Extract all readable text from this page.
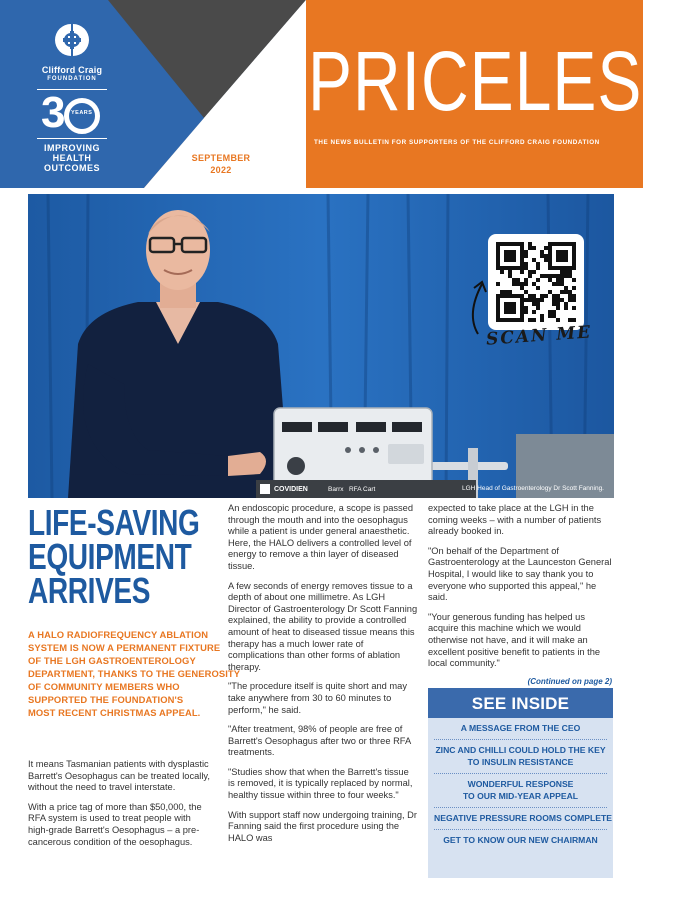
Clifford Craig
FOUNDATION
3 YEARS
IMPROVING
HEALTH
OUTCOMES
SEPTEMBER
2022
PRICELESS
THE NEWS BULLETIN FOR SUPPORTERS OF THE CLIFFORD CRAIG FOUNDATION
COVIDIEN	Barrx   RFA Cart
SCAN ME
LGH Head of Gastroenterology Dr Scott Fanning.
LIFE-SAVING
EQUIPMENT
ARRIVES
A HALO RADIOFREQUENCY ABLATION
SYSTEM IS NOW A PERMANENT FIXTURE
OF THE LGH GASTROENTEROLOGY
DEPARTMENT, THANKS TO THE GENEROSITY
OF COMMUNITY MEMBERS WHO
SUPPORTED THE FOUNDATION'S
MOST RECENT CHRISTMAS APPEAL.

It means Tasmanian patients with dysplastic Barrett's Oesophagus can be treated locally, without the need to travel interstate.

With a price tag of more than $50,000, the RFA system is used to treat people with high-grade Barrett's Oesophagus – a pre-cancerous condition of the oesophagus.

An endoscopic procedure, a scope is passed through the mouth and into the oesophagus while a patient is under general anaesthetic. Here, the HALO delivers a controlled level of energy to remove a thin layer of diseased tissue.

A few seconds of energy removes tissue to a depth of about one millimetre. As LGH Director of Gastroenterology Dr Scott Fanning explained, the ability to provide a controlled amount of heat to diseased tissue means this therapy has a much lower rate of complications than other forms of ablation therapy.

"The procedure itself is quite short and may take anywhere from 30 to 60 minutes to perform," he said.

"After treatment, 98% of people are free of Barrett's Oesophagus after two or three RFA treatments.

"Studies show that when the Barrett's tissue is removed, it is typically replaced by normal, healthy tissue within three to four weeks."

With support staff now undergoing training, Dr Fanning said the first procedure using the HALO was

expected to take place at the LGH in the coming weeks – with a number of patients already booked in.

"On behalf of the Department of Gastroenterology at the Launceston General Hospital, I would like to say thank you to everyone who supported this appeal," he said.

"Your generous funding has helped us acquire this machine which we would otherwise not have, and it will make an excellent positive benefit to patients in the local community."

(Continued on page 2)
SEE INSIDE
A MESSAGE FROM THE CEO
ZINC AND CHILLI COULD HOLD THE KEY
TO INSULIN RESISTANCE
WONDERFUL RESPONSE
TO OUR MID-YEAR APPEAL
NEGATIVE PRESSURE ROOMS COMPLETE
GET TO KNOW OUR NEW CHAIRMAN
